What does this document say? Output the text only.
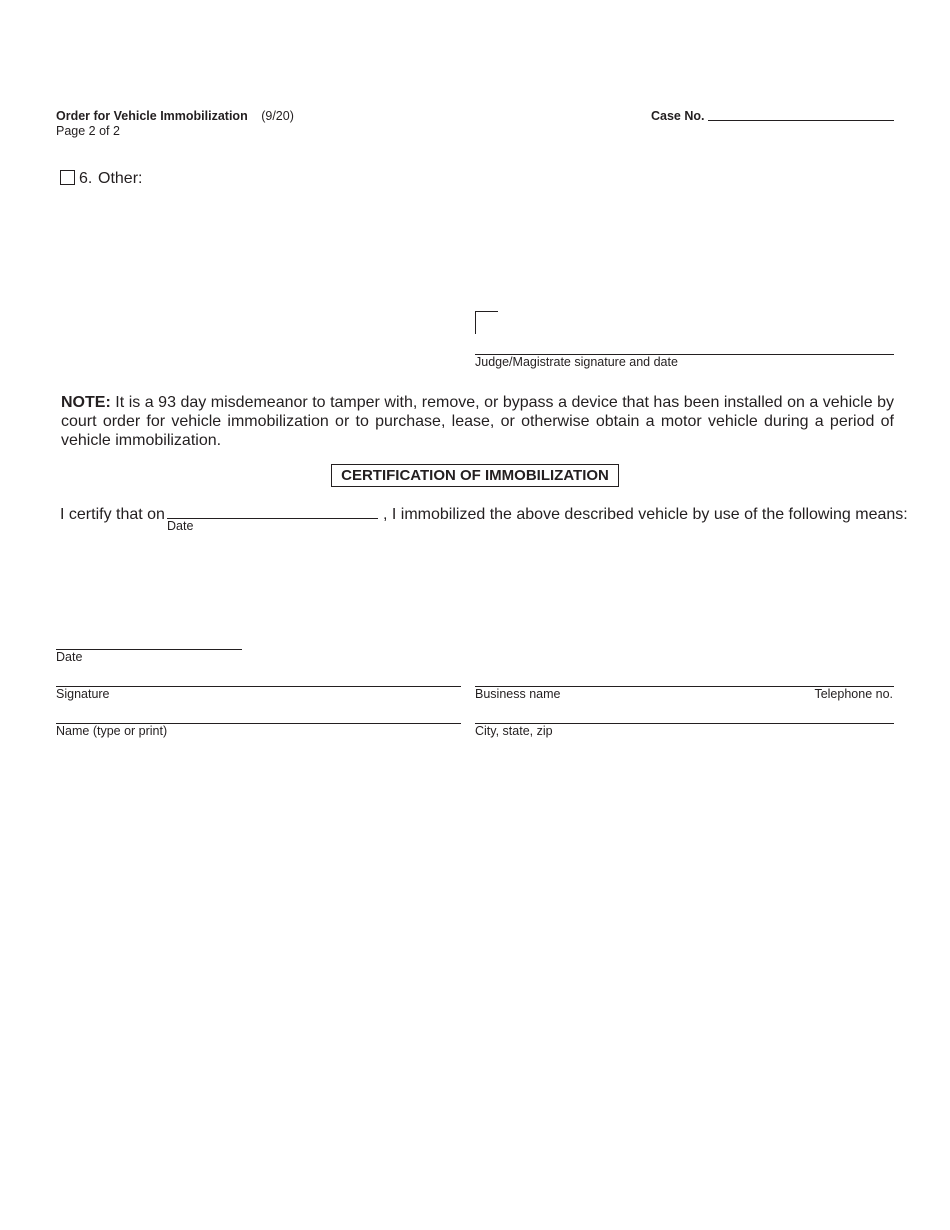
Order for Vehicle Immobilization (9/20)
Page 2 of 2
Case No.
6. Other:
Judge/Magistrate signature and date
NOTE: It is a 93 day misdemeanor to tamper with, remove, or bypass a device that has been installed on a vehicle by court order for vehicle immobilization or to purchase, lease, or otherwise obtain a motor vehicle during a period of vehicle immobilization.
CERTIFICATION OF IMMOBILIZATION
I certify that on
Date
, I immobilized the above described vehicle by use of the following means:
Date
Signature	Business name	Telephone no.
Name (type or print)	City, state, zip
